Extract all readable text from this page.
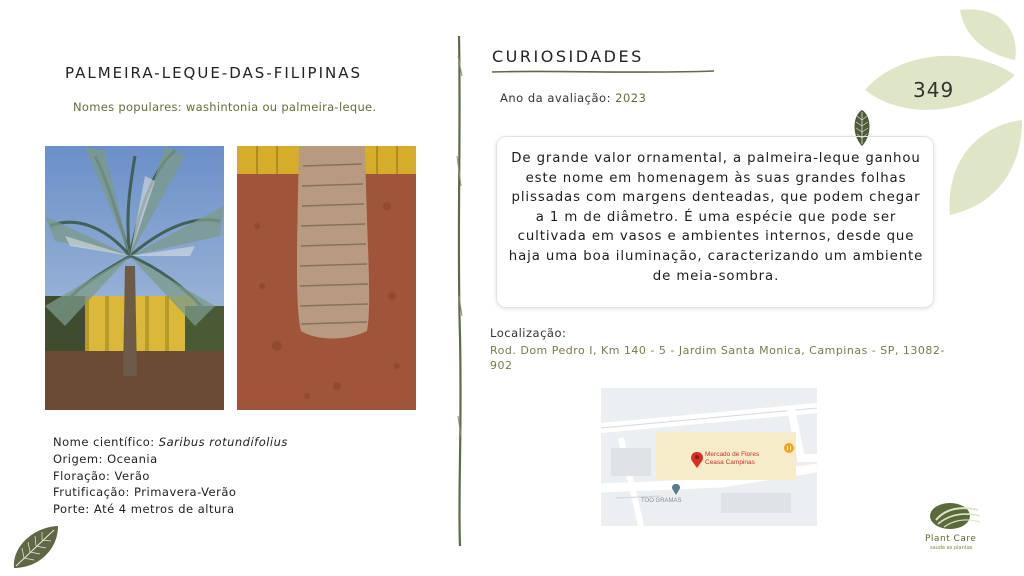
349
PALMEIRA-LEQUE-DAS-FILIPINAS
Nomes populares: washintonia ou palmeira-leque.
Nome científico: Saribus rotundifolius
Origem: Oceania
Floração: Verão
Frutificação: Primavera-Verão
Porte: Até 4 metros de altura
CURIOSIDADES
Ano da avaliação: 2023
De grande valor ornamental, a palmeira-leque ganhou este nome em homenagem às suas grandes folhas plissadas com margens denteadas, que podem chegar a 1 m de diâmetro. É uma espécie que pode ser cultivada em vasos e ambientes internos, desde que haja uma boa iluminação, caracterizando um ambiente de meia-sombra.
Localização:
Rod. Dom Pedro I, Km 140 - 5 - Jardim Santa Monica, Campinas - SP, 13082-902
Mercado de Flores
Ceasa Campinas
TOO GRAMAS
Plant Care
saude as plantas
